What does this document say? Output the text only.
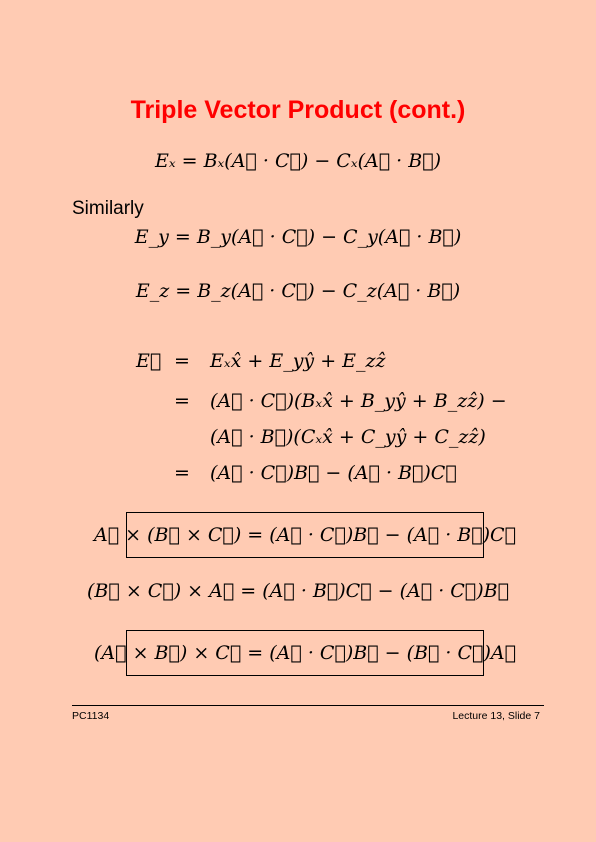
Triple Vector Product (cont.)
Eₓ = Bₓ(A⃗ · C⃗) − Cₓ(A⃗ · B⃗)
Similarly
E_y = B_y(A⃗ · C⃗) − C_y(A⃗ · B⃗)
E_z = B_z(A⃗ · C⃗) − C_z(A⃗ · B⃗)
E⃗ = Eₓx̂ + E_yŷ + E_zẑ
= (A⃗ · C⃗)(Bₓx̂ + B_yŷ + B_zẑ) −
(A⃗ · B⃗)(Cₓx̂ + C_yŷ + C_zẑ)
= (A⃗ · C⃗)B⃗ − (A⃗ · B⃗)C⃗
A⃗ × (B⃗ × C⃗) = (A⃗ · C⃗)B⃗ − (A⃗ · B⃗)C⃗
(B⃗ × C⃗) × A⃗ = (A⃗ · B⃗)C⃗ − (A⃗ · C⃗)B⃗
(A⃗ × B⃗) × C⃗ = (A⃗ · C⃗)B⃗ − (B⃗ · C⃗)A⃗
PC1134	Lecture 13, Slide 7
